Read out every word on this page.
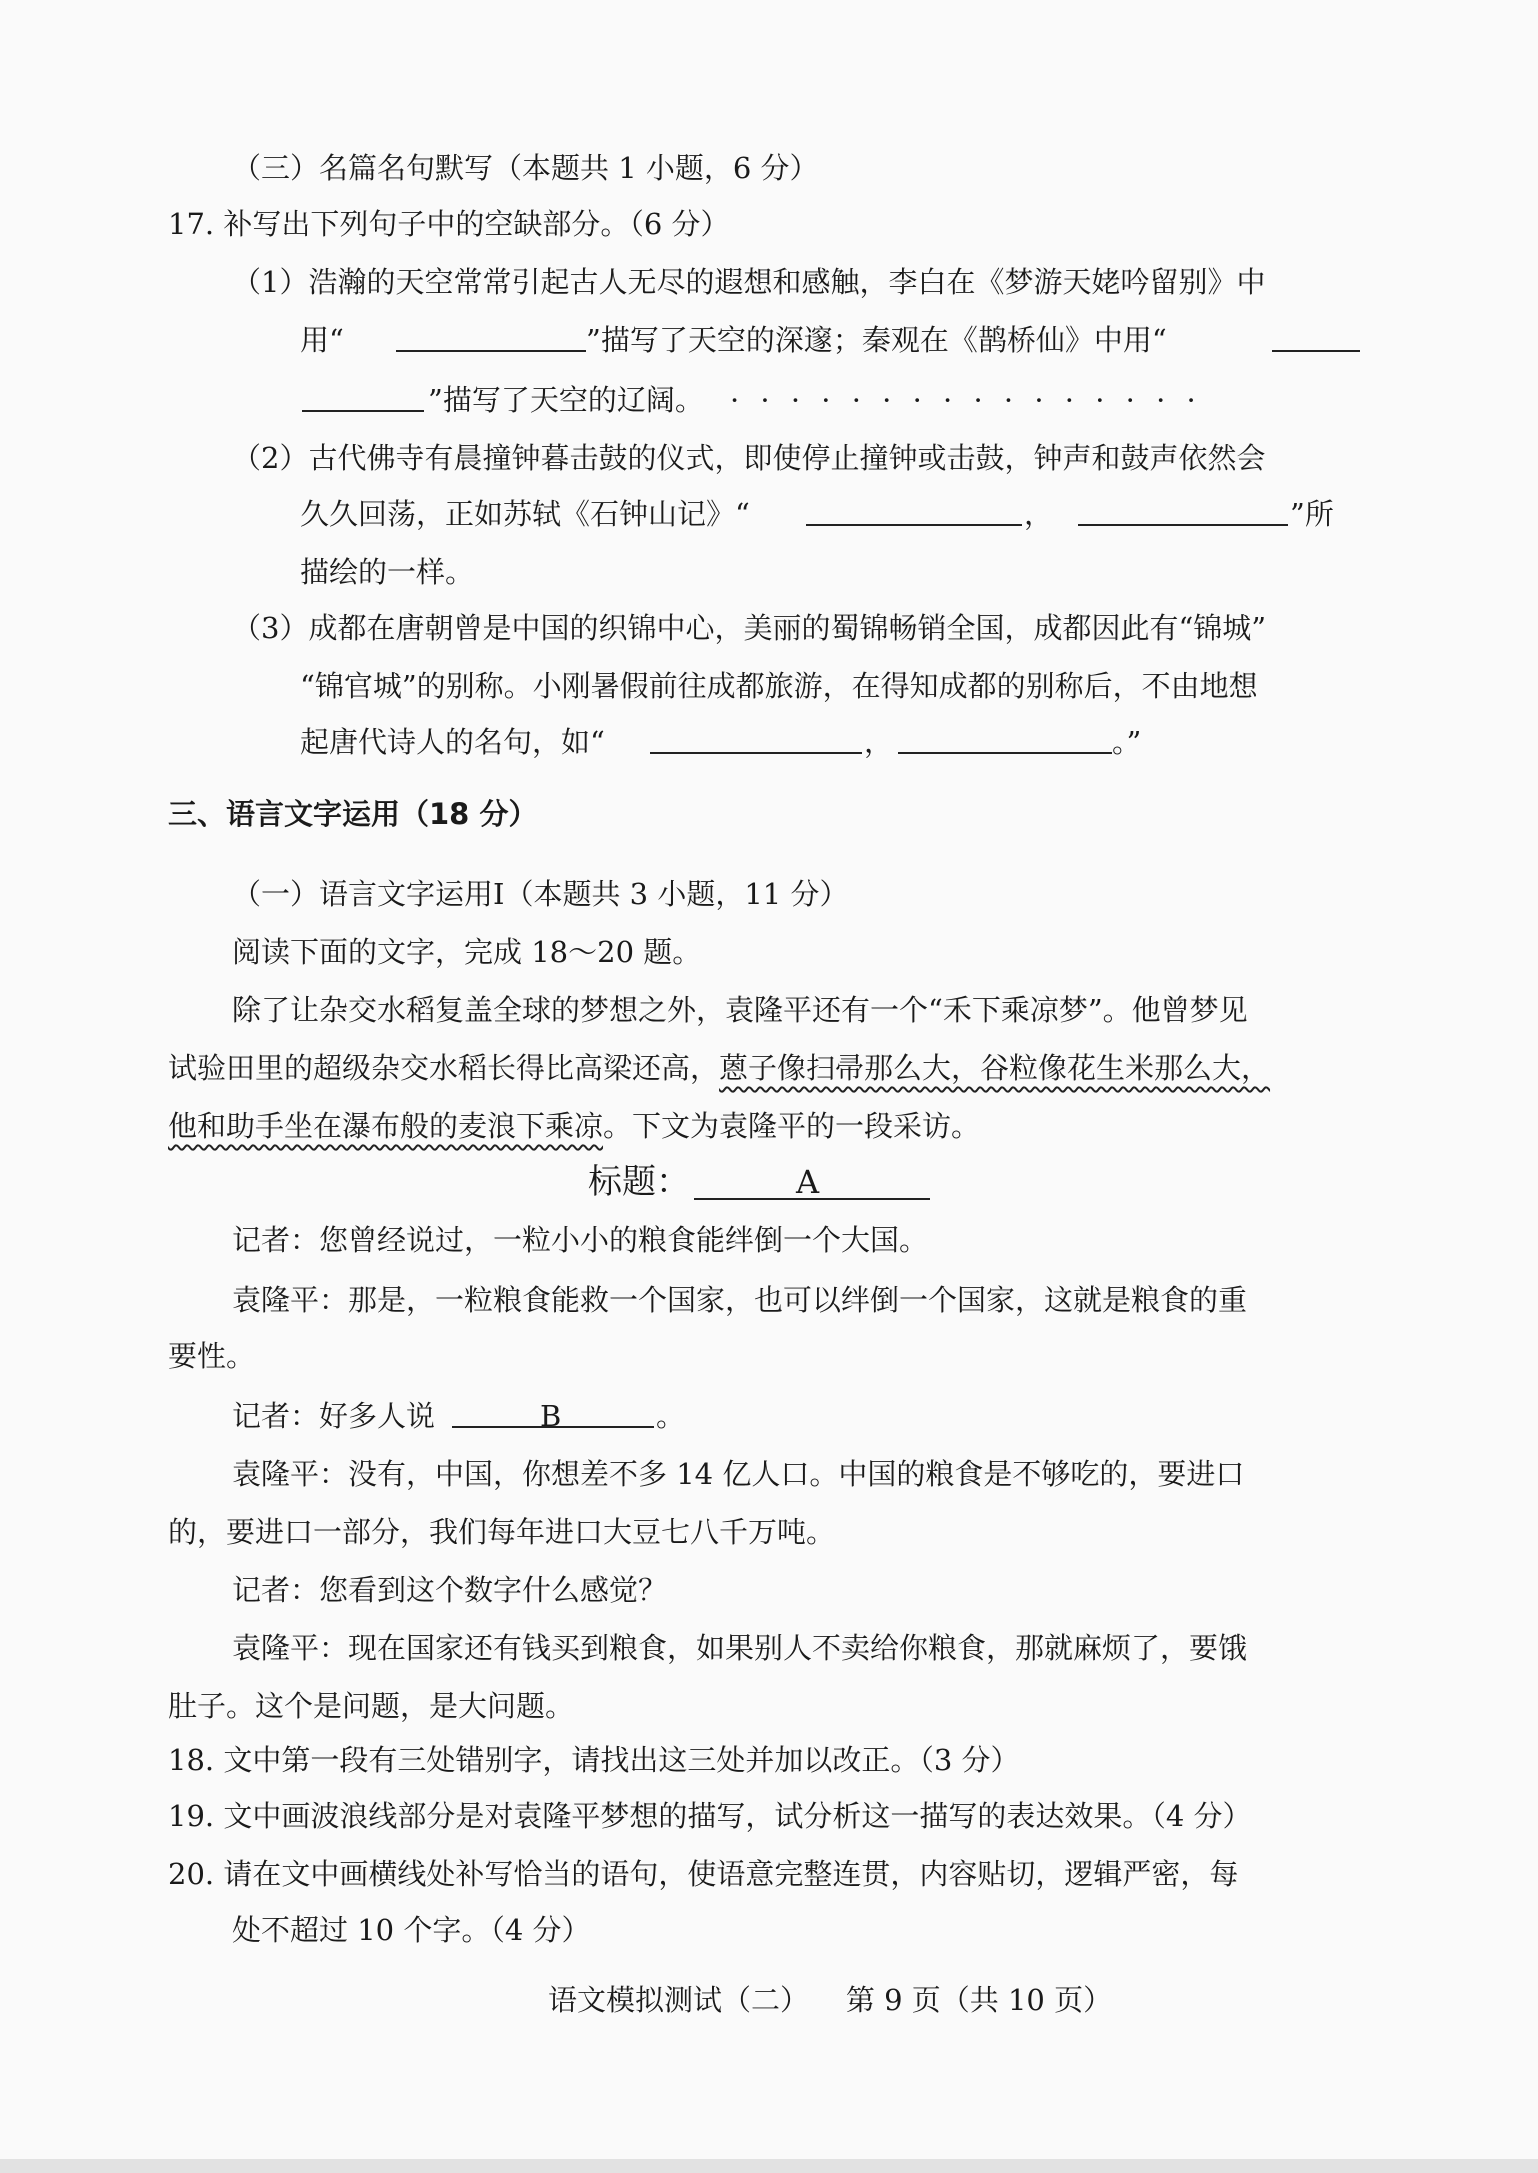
（三）名篇名句默写（本题共 1 小题，6 分）
17. 补写出下列句子中的空缺部分。（6 分）
（1）浩瀚的天空常常引起古人无尽的遐想和感触，李白在《梦游天姥吟留别》中
用“	”描写了天空的深邃；秦观在《鹊桥仙》中用“
”描写了天空的辽阔。 · · · · · · · · · · · · · · · ·
（2）古代佛寺有晨撞钟暮击鼓的仪式，即使停止撞钟或击鼓，钟声和鼓声依然会
久久回荡，正如苏轼《石钟山记》“	，	”所
描绘的一样。
（3）成都在唐朝曾是中国的织锦中心，美丽的蜀锦畅销全国，成都因此有“锦城”
“锦官城”的别称。小刚暑假前往成都旅游，在得知成都的别称后，不由地想
起唐代诗人的名句，如“	，	。”
三、语言文字运用（18 分）
（一）语言文字运用Ⅰ（本题共 3 小题，11 分）
阅读下面的文字，完成 18～20 题。
除了让杂交水稻复盖全球的梦想之外，袁隆平还有一个“禾下乘凉梦”。他曾梦见
试验田里的超级杂交水稻长得比高梁还高，蒽子像扫帚那么大，谷粒像花生米那么大，
他和助手坐在瀑布般的麦浪下乘凉。下文为袁隆平的一段采访。
标题：	A
记者：您曾经说过，一粒小小的粮食能绊倒一个大国。
袁隆平：那是，一粒粮食能救一个国家，也可以绊倒一个国家，这就是粮食的重
要性。
记者：好多人说	B	。
袁隆平：没有，中国，你想差不多 14 亿人口。中国的粮食是不够吃的，要进口
的，要进口一部分，我们每年进口大豆七八千万吨。
记者：您看到这个数字什么感觉？
袁隆平：现在国家还有钱买到粮食，如果别人不卖给你粮食，那就麻烦了，要饿
肚子。这个是问题，是大问题。
18. 文中第一段有三处错别字，请找出这三处并加以改正。（3 分）
19. 文中画波浪线部分是对袁隆平梦想的描写，试分析这一描写的表达效果。（4 分）
20. 请在文中画横线处补写恰当的语句，使语意完整连贯，内容贴切，逻辑严密，每
处不超过 10 个字。（4 分）
语文模拟测试（二）    第 9 页（共 10 页）
